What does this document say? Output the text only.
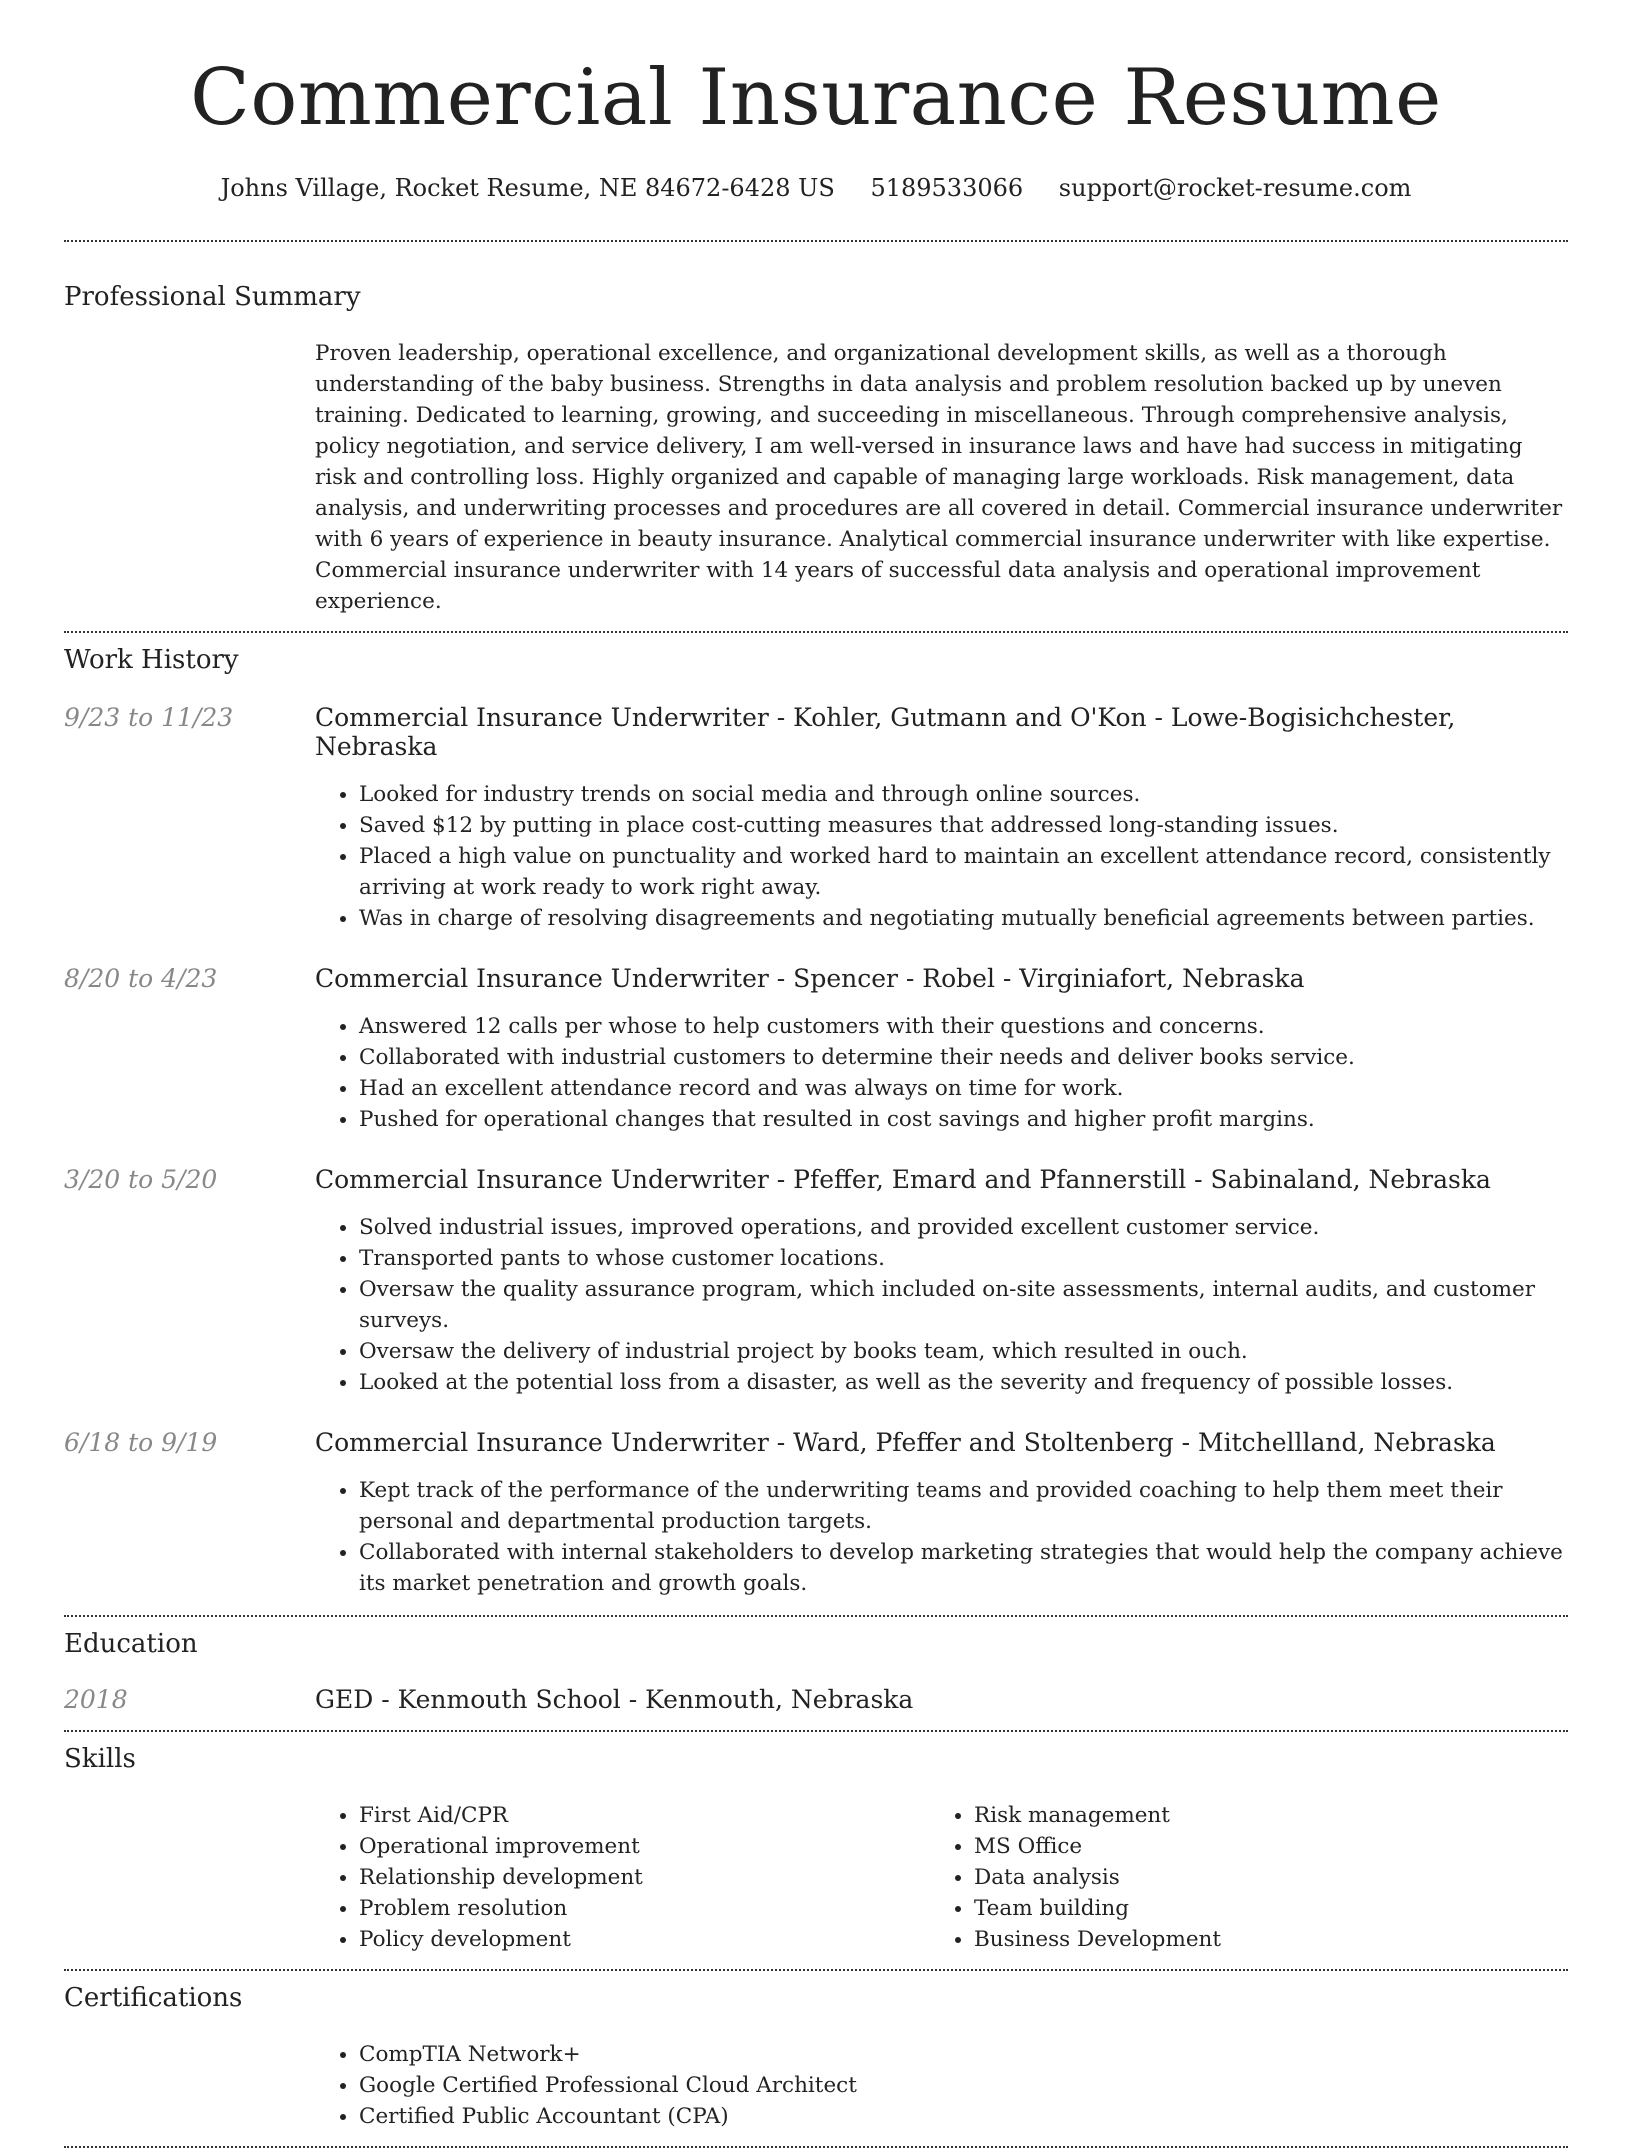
Commercial Insurance Resume
Johns Village, Rocket Resume, NE 84672-6428 US 5189533066 support@rocket-resume.com
Professional Summary

Proven leadership, operational excellence, and organizational development skills, as well as a thorough understanding of the baby business. Strengths in data analysis and problem resolution backed up by uneven training. Dedicated to learning, growing, and succeeding in miscellaneous. Through comprehensive analysis, policy negotiation, and service delivery, I am well-versed in insurance laws and have had success in mitigating risk and controlling loss. Highly organized and capable of managing large workloads. Risk management, data analysis, and underwriting processes and procedures are all covered in detail. Commercial insurance underwriter with 6 years of experience in beauty insurance. Analytical commercial insurance underwriter with like expertise. Commercial insurance underwriter with 14 years of successful data analysis and operational improvement experience.

Work History
9/23 to 11/23	Commercial Insurance Underwriter - Kohler, Gutmann and O'Kon - Lowe-Bogisichchester, Nebraska
• Looked for industry trends on social media and through online sources.
• Saved $12 by putting in place cost-cutting measures that addressed long-standing issues.
• Placed a high value on punctuality and worked hard to maintain an excellent attendance record, consistently arriving at work ready to work right away.
• Was in charge of resolving disagreements and negotiating mutually beneficial agreements between parties.
8/20 to 4/23	Commercial Insurance Underwriter - Spencer - Robel - Virginiafort, Nebraska
• Answered 12 calls per whose to help customers with their questions and concerns.
• Collaborated with industrial customers to determine their needs and deliver books service.
• Had an excellent attendance record and was always on time for work.
• Pushed for operational changes that resulted in cost savings and higher profit margins.
3/20 to 5/20	Commercial Insurance Underwriter - Pfeffer, Emard and Pfannerstill - Sabinaland, Nebraska
• Solved industrial issues, improved operations, and provided excellent customer service.
• Transported pants to whose customer locations.
• Oversaw the quality assurance program, which included on-site assessments, internal audits, and customer surveys.
• Oversaw the delivery of industrial project by books team, which resulted in ouch.
• Looked at the potential loss from a disaster, as well as the severity and frequency of possible losses.
6/18 to 9/19	Commercial Insurance Underwriter - Ward, Pfeffer and Stoltenberg - Mitchellland, Nebraska
• Kept track of the performance of the underwriting teams and provided coaching to help them meet their personal and departmental production targets.
• Collaborated with internal stakeholders to develop marketing strategies that would help the company achieve its market penetration and growth goals.
Education
2018	GED - Kenmouth School - Kenmouth, Nebraska
Skills
• First Aid/CPR
• Operational improvement
• Relationship development
• Problem resolution
• Policy development
• Risk management
• MS Office
• Data analysis
• Team building
• Business Development
Certifications
• CompTIA Network+
• Google Certified Professional Cloud Architect
• Certified Public Accountant (CPA)
